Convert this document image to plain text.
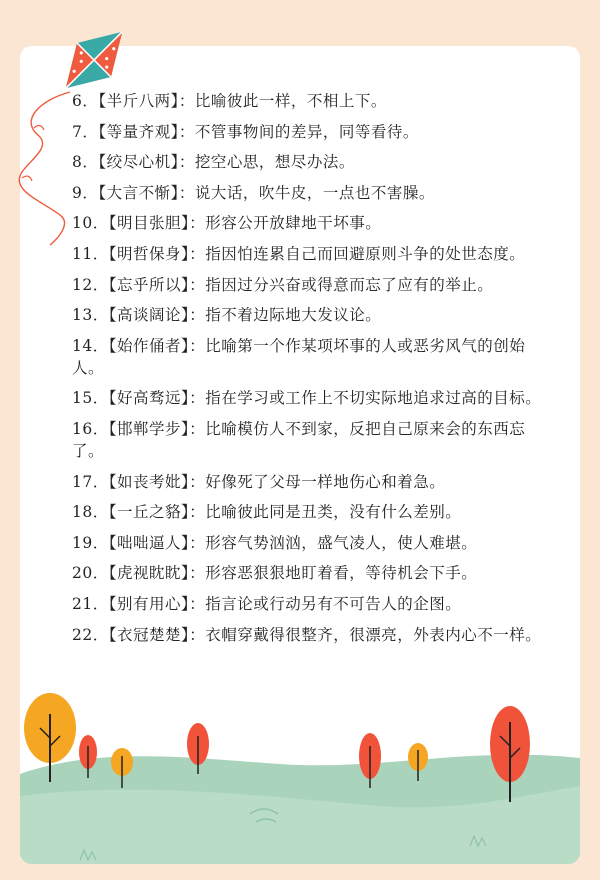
6．【半斤八两】：比喻彼此一样，不相上下。
7．【等量齐观】：不管事物间的差异，同等看待。
8．【绞尽心机】：挖空心思，想尽办法。
9．【大言不惭】：说大话，吹牛皮，一点也不害臊。
10．【明目张胆】：形容公开放肆地干坏事。
11．【明哲保身】：指因怕连累自己而回避原则斗争的处世态度。
12．【忘乎所以】：指因过分兴奋或得意而忘了应有的举止。
13．【高谈阔论】：指不着边际地大发议论。
14．【始作俑者】：比喻第一个作某项坏事的人或恶劣风气的创始人。
15．【好高骛远】：指在学习或工作上不切实际地追求过高的目标。
16．【邯郸学步】：比喻模仿人不到家，反把自己原来会的东西忘了。
17．【如丧考妣】：好像死了父母一样地伤心和着急。
18．【一丘之貉】：比喻彼此同是丑类，没有什么差别。
19．【咄咄逼人】：形容气势汹汹，盛气凌人，使人难堪。
20．【虎视眈眈】：形容恶狠狠地盯着看，等待机会下手。
21．【别有用心】：指言论或行动另有不可告人的企图。
22．【衣冠楚楚】：衣帽穿戴得很整齐，很漂亮，外表内心不一样。
